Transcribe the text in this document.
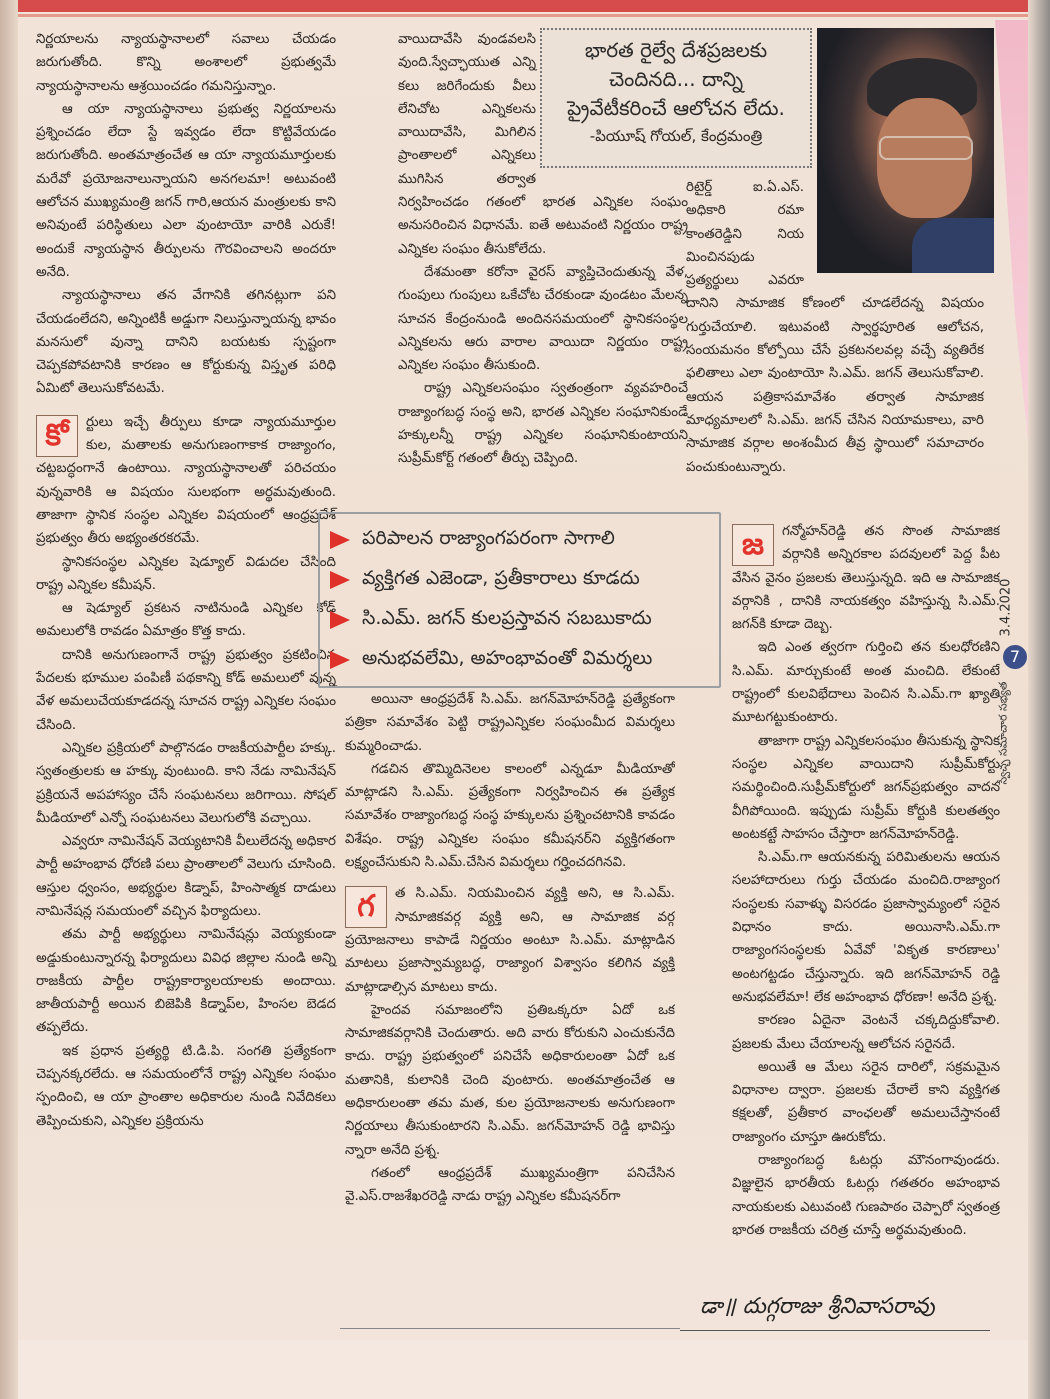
నిర్ణయాలను న్యాయస్థానాలలో సవాలు చేయడం జరుగుతోంది. కొన్ని అంశాలలో ప్రభుత్వమే న్యాయస్థానాలను ఆశ్రయించడం గమనిస్తున్నాం.

ఆ యా న్యాయస్థానాలు ప్రభుత్వ నిర్ణయాలను ప్రశ్నించడం లేదా స్టే ఇవ్వడం లేదా కొట్టివేయడం జరుగుతోంది. అంతమాత్రంచేత ఆ యా న్యాయమూర్తులకు మరేవో ప్రయోజనాలున్నాయని అనగలమా! అటువంటి ఆలోచన ముఖ్యమంత్రి జగన్ గారి,ఆయన మంత్రులకు కాని అనివుంటే పరిస్థితులు ఎలా వుంటాయో వారికి ఎరుకే! అందుకే న్యాయస్థాన తీర్పులను గౌరవించాలని అందరూ అనేది.

న్యాయస్థానాలు తన వేగానికి తగినట్లుగా పని చేయడంలేదని, అన్నింటికీ అడ్డుగా నిలుస్తున్నాయన్న భావం మనసులో వున్నా దానిని బయటకు స్పష్టంగా చెప్పకపోవటానికి కారణం ఆ కోర్టుకున్న విస్తృత పరిధి ఏమిటో తెలుసుకోవటమే.

కో	ర్టులు ఇచ్చే తీర్పులు కూడా న్యాయమూర్తుల కుల, మతాలకు అనుగుణంగాకాక రాజ్యాంగం, చట్టబద్ధంగానే ఉంటాయి. న్యాయస్థానాలతో పరిచయం వున్నవారికి ఆ విషయం సులభంగా అర్థమవుతుంది. తాజాగా స్థానిక సంస్థల ఎన్నికల విషయంలో ఆంధ్రప్రదేశ్ ప్రభుత్వం తీరు అభ్యంతరకరమే.

స్థానికసంస్థల ఎన్నికల షెడ్యూల్ విడుదల చేసింది రాష్ట్ర ఎన్నికల కమీషన్.

ఆ షెడ్యూల్ ప్రకటన నాటినుండి ఎన్నికల కోడ్ అమలులోకి రావడం ఏమాత్రం కొత్త కాదు.

దానికి అనుగుణంగానే రాష్ట్ర ప్రభుత్వం ప్రకటించిన పేదలకు భూముల పంపిణీ పథకాన్ని కోడ్ అమలులో వున్న వేళ అమలుచేయకూడదన్న సూచన రాష్ట్ర ఎన్నికల సంఘం చేసింది.

ఎన్నికల ప్రక్రియలో పాల్గొనడం రాజకీయపార్టీల హక్కు. స్వతంత్రులకు ఆ హక్కు వుంటుంది. కాని నేడు నామినేషన్ ప్రక్రియనే అపహాస్యం చేసే సంఘటనలు జరిగాయి. సోషల్ మీడియాలో ఎన్నో సంఘటనలు వెలుగులోకి వచ్చాయి.

ఎవ్వరూ నామినేషన్ వెయ్యటానికి వీలులేదన్న అధికార పార్టీ అహంభావ ధోరణి పలు ప్రాంతాలలో వెలుగు చూసింది. ఆస్తుల ధ్వంసం, అభ్యర్థుల కిడ్నాప్, హింసాత్మక దాడులు నామినేషన్ల సమయంలో వచ్చిన ఫిర్యాదులు.

తమ పార్టీ అభ్యర్థులు నామినేషన్లు వెయ్యకుండా అడ్డుకుంటున్నారన్న ఫిర్యాదులు వివిధ జిల్లాల నుండి అన్ని రాజకీయ పార్టీల రాష్ట్రకార్యాలయాలకు అందాయి. జాతీయపార్టీ అయిన బిజెపికి కిడ్నాప్‌ల, హింసల బెడద తప్పలేదు.

ఇక ప్రధాన ప్రత్యర్థి టి.డి.పి. సంగతి ప్రత్యేకంగా చెప్పనక్కరలేదు. ఆ సమయంలోనే రాష్ట్ర ఎన్నికల సంఘం స్పందించి, ఆ యా ప్రాంతాల అధికారుల నుండి నివేదికలు తెప్పించుకుని, ఎన్నికల ప్రక్రియను

వాయిదావేసి వుండవలసి వుంది.స్వేచ్ఛాయుత ఎన్ని కలు జరిగేందుకు వీలు లేనిచోట ఎన్నికలను వాయిదావేసి, మిగిలిన ప్రాంతాలలో ఎన్నికలు ముగిసిన తర్వాత నిర్వహించడం గతంలో భారత ఎన్నికల సంఘం అనుసరించిన విధానమే. ఐతే అటువంటి నిర్ణయం రాష్ట్ర ఎన్నికల సంఘం తీసుకోలేదు.

దేశమంతా కరోనా వైరస్ వ్యాప్తిచెందుతున్న వేళ, గుంపులు గుంపులు ఒకేచోట చేరకుండా వుండటం మేలన్న సూచన కేంద్రంనుండి అందినసమయంలో స్థానికసంస్థల ఎన్నికలను ఆరు వారాల వాయిదా నిర్ణయం రాష్ట్ర ఎన్నికల సంఘం తీసుకుంది.

రాష్ట్ర ఎన్నికలసంఘం స్వతంత్రంగా వ్యవహరించే రాజ్యాంగబద్ధ సంస్థ అని, భారత ఎన్నికల సంఘానికుండే హక్కులన్నీ రాష్ట్ర ఎన్నికల సంఘానికుంటాయని సుప్రీమ్‌కోర్ట్ గతంలో తీర్పు చెప్పింది.

భారత రైల్వే దేశప్రజలకు
చెందినది... దాన్ని
ప్రైవేటీకరించే ఆలోచన లేదు.
-పియూష్ గోయల్, కేంద్రమంత్రి

రిటైర్డ్ ఐ.ఏ.ఎస్. అధికారి రమా కాంతరెడ్డిని నియ మించినపుడు ప్రత్యర్థులు ఎవరూ దానిని సామాజిక కోణంలో చూడలేదన్న విషయం గుర్తుచేయాలి. ఇటువంటి స్వార్థపూరిత ఆలోచన, సంయమనం కోల్పోయి చేసే ప్రకటనలవల్ల వచ్చే వ్యతిరేక ఫలితాలు ఎలా వుంటాయో సి.ఎమ్. జగన్ తెలుసుకోవాలి. ఆయన పత్రికాసమావేశం తర్వాత సామాజిక మాధ్యమాలలో సి.ఎమ్. జగన్ చేసిన నియామకాలు, వారి సామాజిక వర్గాల అంశంమీద తీవ్ర స్థాయిలో సమాచారం పంచుకుంటున్నారు.

పరిపాలన రాజ్యాంగపరంగా సాగాలి
వ్యక్తిగత ఎజెండా, ప్రతీకారాలు కూడదు
సి.ఎమ్. జగన్ కులప్రస్తావన సబబుకాదు
అనుభవలేమి, అహంభావంతో విమర్శలు

అయినా ఆంధ్రప్రదేశ్ సి.ఎమ్. జగన్‌మోహన్‌రెడ్డి ప్రత్యేకంగా పత్రికా సమావేశం పెట్టి రాష్ట్రఎన్నికల సంఘంమీద విమర్శలు కుమ్మరించాడు.

గడచిన తొమ్మిదినెలల కాలంలో ఎన్నడూ మీడియాతో మాట్లాడని సి.ఎమ్. ప్రత్యేకంగా నిర్వహించిన ఈ ప్రత్యేక సమావేశం రాజ్యాంగబద్ధ సంస్థ హక్కులను ప్రశ్నించటానికి కావడం విశేషం. రాష్ట్ర ఎన్నికల సంఘం కమీషనర్‌ని వ్యక్తిగతంగా లక్ష్యంచేసుకుని సి.ఎమ్.చేసిన విమర్శలు గర్హించదగినవి.

గ	త సి.ఎమ్. నియమించిన వ్యక్తి అని, ఆ సి.ఎమ్. సామాజికవర్గ వ్యక్తి అని, ఆ సామాజిక వర్గ ప్రయోజనాలు కాపాడే నిర్ణయం అంటూ సి.ఎమ్. మాట్లాడిన మాటలు ప్రజాస్వామ్యబద్ధ, రాజ్యాంగ విశ్వాసం కలిగిన వ్యక్తి మాట్లాడాల్సిన మాటలు కాదు.

హైందవ సమాజంలోని ప్రతిఒక్కరూ ఏదో ఒక సామాజికవర్గానికి చెందుతారు. అది వారు కోరుకుని ఎంచుకునేది కాదు. రాష్ట్ర ప్రభుత్వంలో పనిచేసే అధికారులంతా ఏదో ఒక మతానికి, కులానికి చెంది వుంటారు. అంతమాత్రంచేత ఆ అధికారులంతా తమ మత, కుల ప్రయోజనాలకు అనుగుణంగా నిర్ణయాలు తీసుకుంటారని సి.ఎమ్. జగన్‌మోహన్ రెడ్డి భావిస్తు న్నారా అనేది ప్రశ్న.

గతంలో ఆంధ్రప్రదేశ్ ముఖ్యమంత్రిగా పనిచేసిన వై.ఎస్.రాజశేఖరరెడ్డి నాడు రాష్ట్ర ఎన్నికల కమీషనర్‌గా

జ	గన్మోహన్‌రెడ్డి తన సొంత సామాజిక వర్గానికి అన్నిరకాల పదవులలో పెద్ద పీట వేసిన వైనం ప్రజలకు తెలుస్తున్నది. ఇది ఆ సామాజిక వర్గానికి , దానికి నాయకత్వం వహిస్తున్న సి.ఎమ్. జగన్‌కి కూడా దెబ్బ.

ఇది ఎంత త్వరగా గుర్తించి తన కులధోరణిని సి.ఎమ్. మార్చుకుంటే అంత మంచిది. లేకుంటే రాష్ట్రంలో కులవిభేదాలు పెంచిన సి.ఎమ్.గా ఖ్యాతి మూటగట్టుకుంటారు.

తాజాగా రాష్ట్ర ఎన్నికలసంఘం తీసుకున్న స్థానిక సంస్థల ఎన్నికల వాయిదాని సుప్రీమ్‌కోర్టు సమర్థించింది.సుప్రీమ్‌కోర్టులో జగన్‌ప్రభుత్వం వాదన వీగిపోయింది. ఇప్పుడు సుప్రీమ్ కోర్టుకి కులతత్వం అంటకట్టే సాహసం చేస్తారా జగన్‌మోహన్‌రెడ్డి.

సి.ఎమ్.గా ఆయనకున్న పరిమితులను ఆయన సలహాదారులు గుర్తు చేయడం మంచిది.రాజ్యాంగ సంస్థలకు సవాళ్ళు విసరడం ప్రజాస్వామ్యంలో సరైన విధానం కాదు. అయినాసి.ఎమ్.గా రాజ్యాంగసంస్థలకు ఏవేవో 'వికృత కారణాలు' అంటగట్టడం చేస్తున్నారు. ఇది జగన్‌మోహన్ రెడ్డి అనుభవలేమా! లేక అహంభావ ధోరణా! అనేది ప్రశ్న.

కారణం ఏదైనా వెంటనే చక్కదిద్దుకోవాలి. ప్రజలకు మేలు చేయాలన్న ఆలోచన సరైనదే.

అయితే ఆ మేలు సరైన దారిలో, సక్రమమైన విధానాల ద్వారా. ప్రజలకు చేరాలే కాని వ్యక్తిగత కక్షలతో, ప్రతీకార వాంఛలతో అమలుచేస్తానంటే రాజ్యాంగం చూస్తూ ఊరుకోదు.

రాజ్యాంగబద్ధ ఓటర్లు మౌనంగావుండరు. విజ్ఞులైన భారతీయ ఓటర్లు గతతరం అహంభావ నాయకులకు ఎటువంటి గుణపాఠం చెప్పారో స్వతంత్ర భారత రాజకీయ చరిత్ర చూస్తే అర్థమవుతుంది.

3.4.2020
7
స్వేచ్ఛ సమాచార సభ్యత
డా॥ దుగ్గరాజు శ్రీనివాసరావు
